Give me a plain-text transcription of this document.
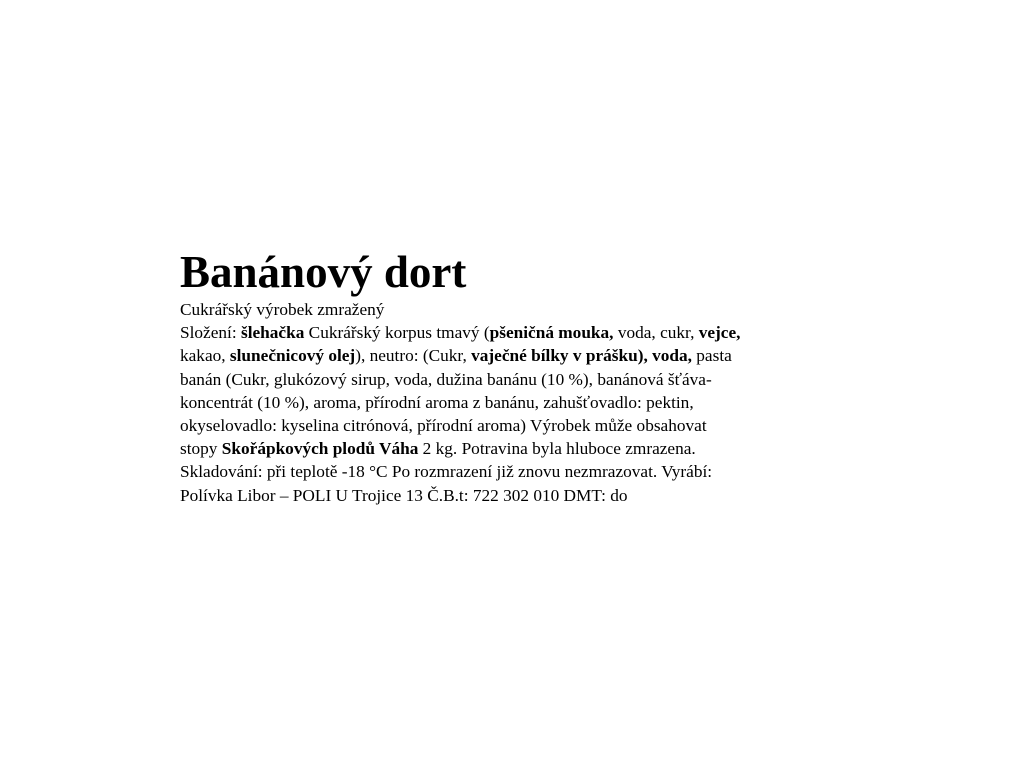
Banánový dort
Cukrářský výrobek zmražený
Složení: šlehačka Cukrářský korpus tmavý (pšeničná mouka, voda, cukr, vejce,
kakao, slunečnicový olej), neutro: (Cukr, vaječné bílky v prášku), voda, pasta
banán (Cukr, glukózový sirup, voda, dužina banánu (10 %), banánová šťáva-
koncentrát (10 %), aroma, přírodní aroma z banánu, zahušťovadlo: pektin,
okyselovadlo: kyselina citrónová, přírodní aroma) Výrobek může obsahovat
stopy Skořápkových plodů Váha 2 kg. Potravina byla hluboce zmrazena.
Skladování: při teplotě -18 °C Po rozmrazení již znovu nezmrazovat. Vyrábí:
Polívka Libor – POLI U Trojice 13 Č.B.t: 722 302 010 DMT: do
